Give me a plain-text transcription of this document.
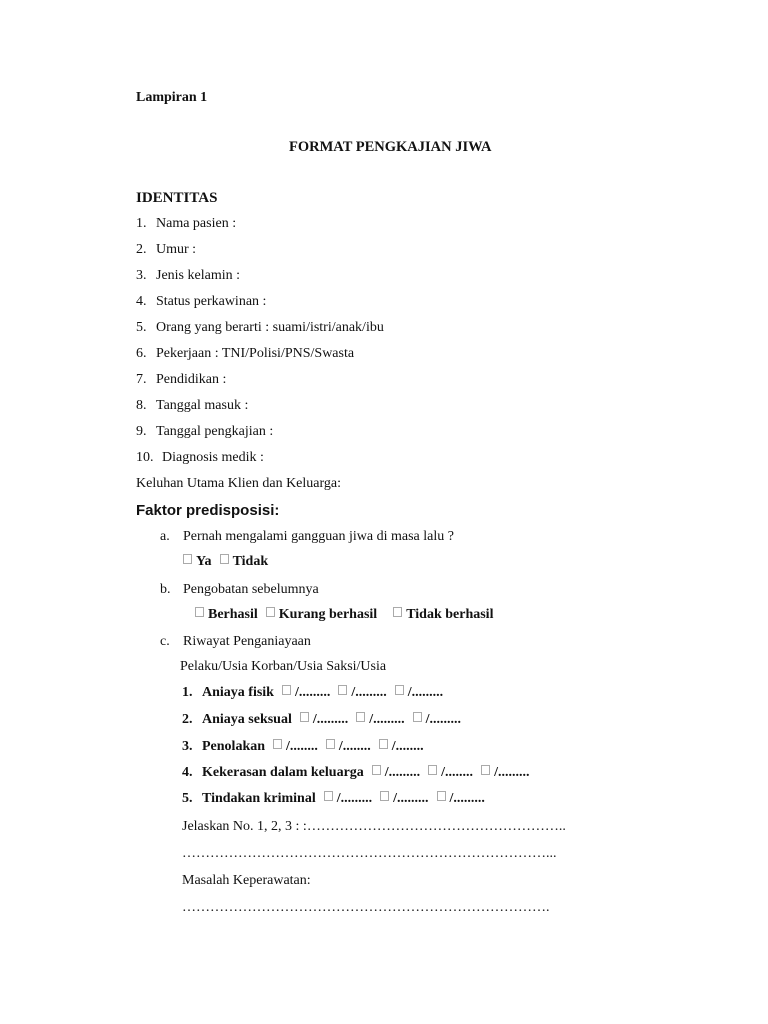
Lampiran 1
FORMAT PENGKAJIAN JIWA
IDENTITAS
1. Nama pasien :
2. Umur :
3. Jenis kelamin :
4. Status perkawinan :
5. Orang yang berarti : suami/istri/anak/ibu
6. Pekerjaan : TNI/Polisi/PNS/Swasta
7. Pendidikan :
8. Tanggal masuk :
9. Tanggal pengkajian :
10. Diagnosis medik :
Keluhan Utama Klien dan Keluarga:
Faktor predisposisi:
a. Pernah mengalami gangguan jiwa di masa lalu ?
Ya Tidak
b. Pengobatan sebelumnya
Berhasil Kurang berhasil Tidak berhasil
c. Riwayat Penganiayaan
Pelaku/Usia Korban/Usia Saksi/Usia
1. Aniaya fisik /......... /......... /.........
2. Aniaya seksual /......... /......... /.........
3. Penolakan /........ /........ /........
4. Kekerasan dalam keluarga /......... /........ /.........
5. Tindakan kriminal /......... /......... /.........
Jelaskan No. 1, 2, 3 : :………………………………………………..
……………………………………………………………………...
Masalah Keperawatan:
…………………………………………………………………….
